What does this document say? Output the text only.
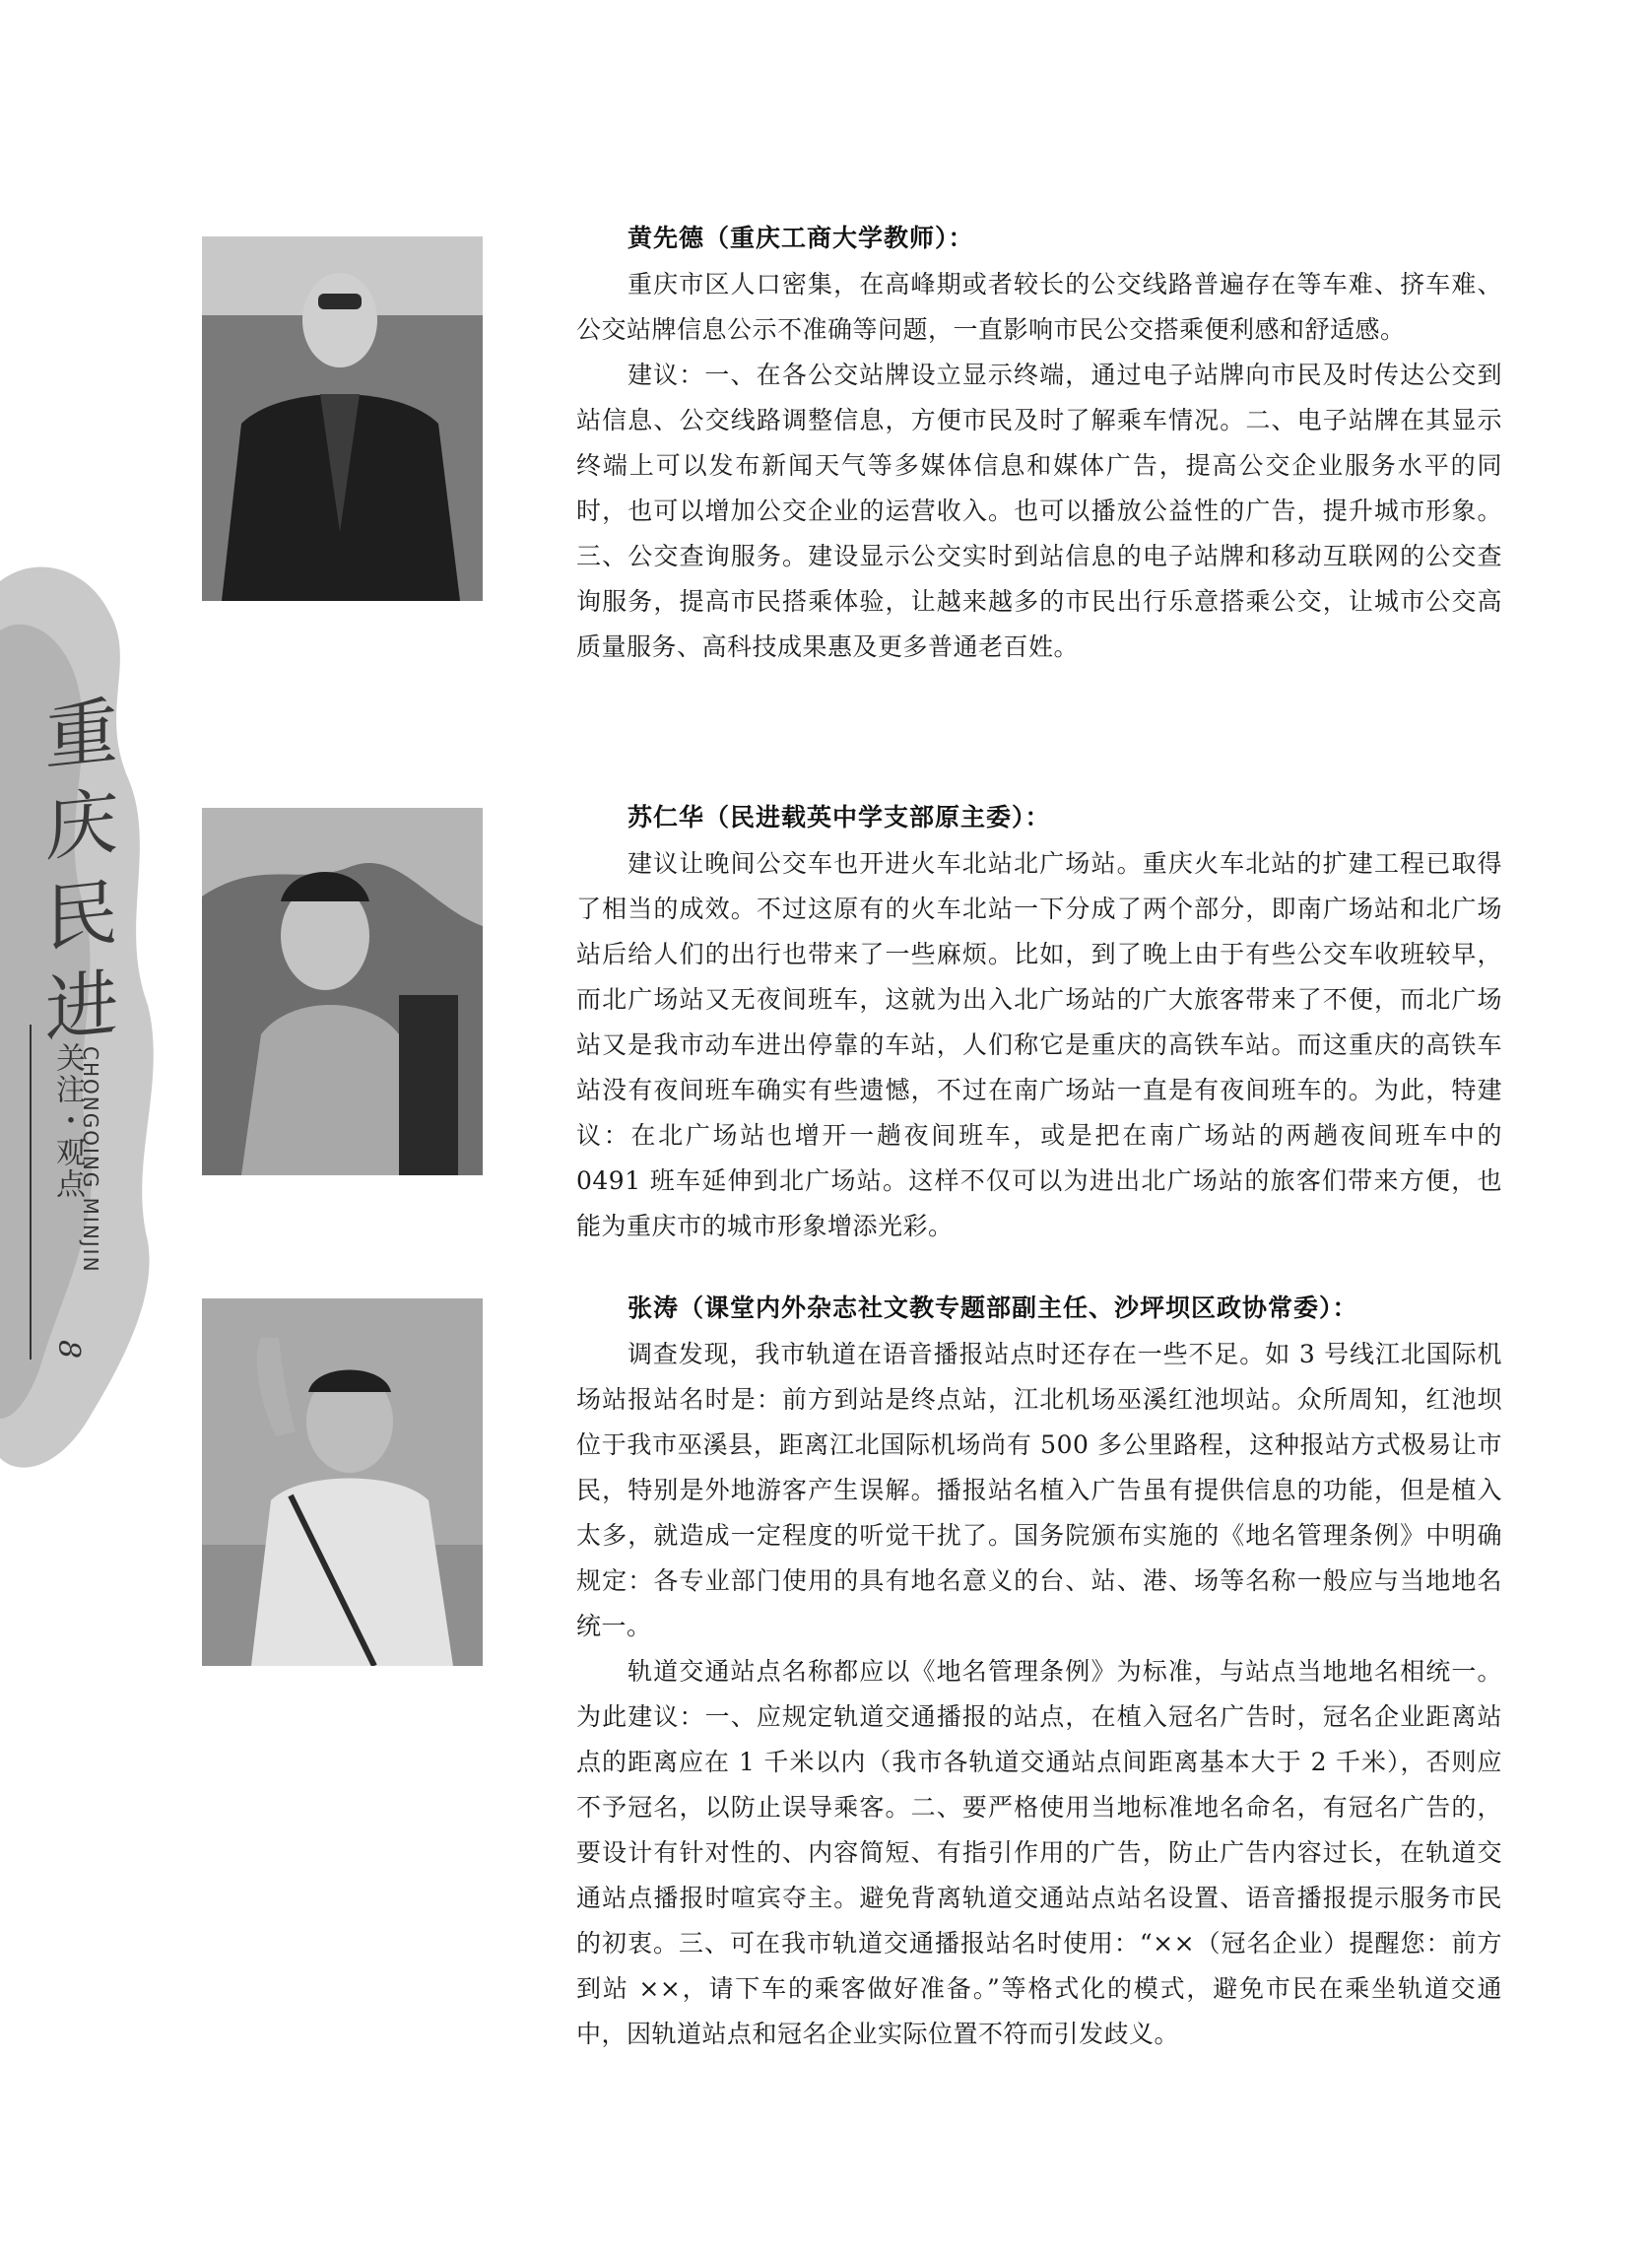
重
庆
民
进
关注・观点
CHONGQING MINJIN
8

黄先德（重庆工商大学教师）：

重庆市区人口密集，在高峰期或者较长的公交线路普遍存在等车难、挤车难、公交站牌信息公示不准确等问题，一直影响市民公交搭乘便利感和舒适感。

建议：一、在各公交站牌设立显示终端，通过电子站牌向市民及时传达公交到站信息、公交线路调整信息，方便市民及时了解乘车情况。二、电子站牌在其显示终端上可以发布新闻天气等多媒体信息和媒体广告，提高公交企业服务水平的同时，也可以增加公交企业的运营收入。也可以播放公益性的广告，提升城市形象。三、公交查询服务。建设显示公交实时到站信息的电子站牌和移动互联网的公交查询服务，提高市民搭乘体验，让越来越多的市民出行乐意搭乘公交，让城市公交高质量服务、高科技成果惠及更多普通老百姓。

苏仁华（民进载英中学支部原主委）：

建议让晚间公交车也开进火车北站北广场站。重庆火车北站的扩建工程已取得了相当的成效。不过这原有的火车北站一下分成了两个部分，即南广场站和北广场站后给人们的出行也带来了一些麻烦。比如，到了晚上由于有些公交车收班较早，而北广场站又无夜间班车，这就为出入北广场站的广大旅客带来了不便，而北广场站又是我市动车进出停靠的车站，人们称它是重庆的高铁车站。而这重庆的高铁车站没有夜间班车确实有些遗憾，不过在南广场站一直是有夜间班车的。为此，特建议：在北广场站也增开一趟夜间班车，或是把在南广场站的两趟夜间班车中的 0491 班车延伸到北广场站。这样不仅可以为进出北广场站的旅客们带来方便，也能为重庆市的城市形象增添光彩。

张涛（课堂内外杂志社文教专题部副主任、沙坪坝区政协常委）：

调查发现，我市轨道在语音播报站点时还存在一些不足。如 3 号线江北国际机场站报站名时是：前方到站是终点站，江北机场巫溪红池坝站。众所周知，红池坝位于我市巫溪县，距离江北国际机场尚有 500 多公里路程，这种报站方式极易让市民，特别是外地游客产生误解。播报站名植入广告虽有提供信息的功能，但是植入太多，就造成一定程度的听觉干扰了。国务院颁布实施的《地名管理条例》中明确规定：各专业部门使用的具有地名意义的台、站、港、场等名称一般应与当地地名统一。

轨道交通站点名称都应以《地名管理条例》为标准，与站点当地地名相统一。为此建议：一、应规定轨道交通播报的站点，在植入冠名广告时，冠名企业距离站点的距离应在 1 千米以内（我市各轨道交通站点间距离基本大于 2 千米），否则应不予冠名，以防止误导乘客。二、要严格使用当地标准地名命名，有冠名广告的，要设计有针对性的、内容简短、有指引作用的广告，防止广告内容过长，在轨道交通站点播报时喧宾夺主。避免背离轨道交通站点站名设置、语音播报提示服务市民的初衷。三、可在我市轨道交通播报站名时使用：“××（冠名企业）提醒您：前方到站 ××，请下车的乘客做好准备。”等格式化的模式，避免市民在乘坐轨道交通中，因轨道站点和冠名企业实际位置不符而引发歧义。
